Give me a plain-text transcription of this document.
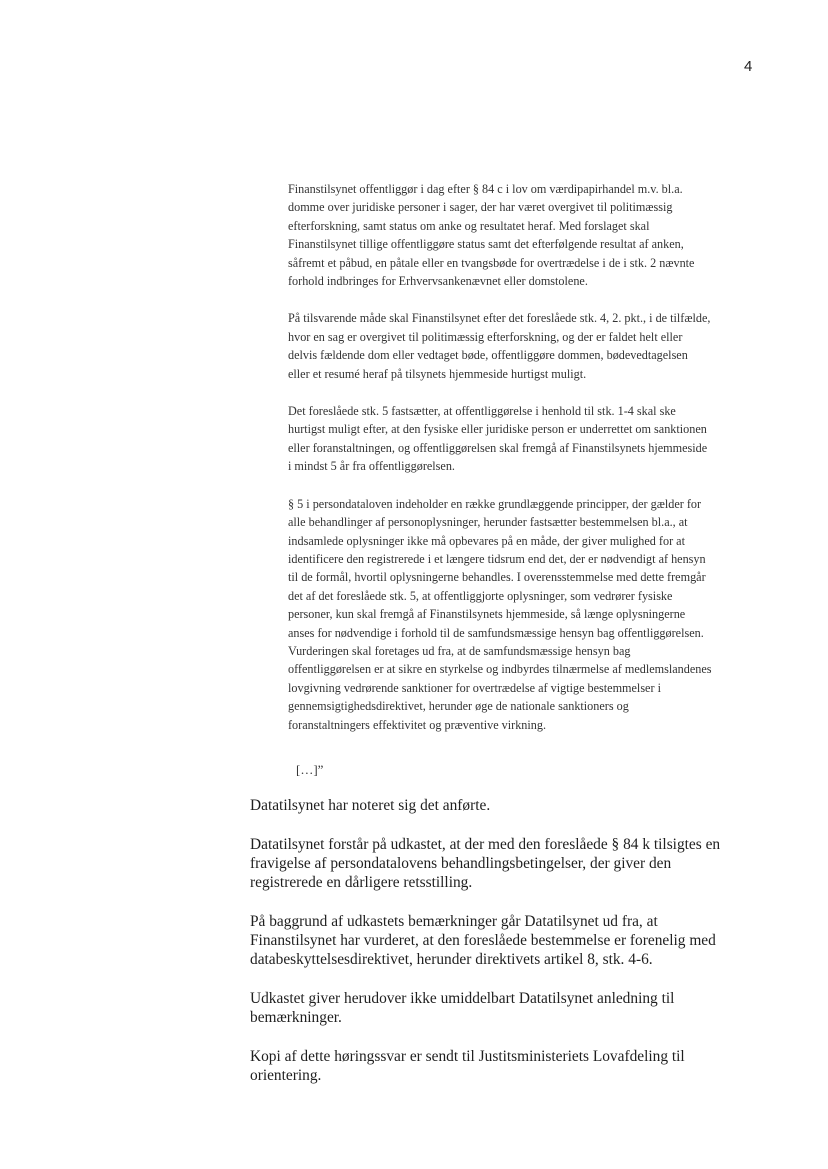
4

Finanstilsynet offentliggør i dag efter § 84 c i lov om værdipapirhandel m.v. bl.a.
domme over juridiske personer i sager, der har været overgivet til politimæssig
efterforskning, samt status om anke og resultatet heraf. Med forslaget skal
Finanstilsynet tillige offentliggøre status samt det efterfølgende resultat af anken,
såfremt et påbud, en påtale eller en tvangsbøde for overtrædelse i de i stk. 2 nævnte
forhold indbringes for Erhvervsankenævnet eller domstolene.

På tilsvarende måde skal Finanstilsynet efter det foreslåede stk. 4, 2. pkt., i de tilfælde,
hvor en sag er overgivet til politimæssig efterforskning, og der er faldet helt eller
delvis fældende dom eller vedtaget bøde, offentliggøre dommen, bødevedtagelsen
eller et resumé heraf på tilsynets hjemmeside hurtigst muligt.

Det foreslåede stk. 5 fastsætter, at offentliggørelse i henhold til stk. 1-4 skal ske
hurtigst muligt efter, at den fysiske eller juridiske person er underrettet om sanktionen
eller foranstaltningen, og offentliggørelsen skal fremgå af Finanstilsynets hjemmeside
i mindst 5 år fra offentliggørelsen.

§ 5 i persondataloven indeholder en række grundlæggende principper, der gælder for
alle behandlinger af personoplysninger, herunder fastsætter bestemmelsen bl.a., at
indsamlede oplysninger ikke må opbevares på en måde, der giver mulighed for at
identificere den registrerede i et længere tidsrum end det, der er nødvendigt af hensyn
til de formål, hvortil oplysningerne behandles. I overensstemmelse med dette fremgår
det af det foreslåede stk. 5, at offentliggjorte oplysninger, som vedrører fysiske
personer, kun skal fremgå af Finanstilsynets hjemmeside, så længe oplysningerne
anses for nødvendige i forhold til de samfundsmæssige hensyn bag offentliggørelsen.
Vurderingen skal foretages ud fra, at de samfundsmæssige hensyn bag
offentliggørelsen er at sikre en styrkelse og indbyrdes tilnærmelse af medlemslandenes
lovgivning vedrørende sanktioner for overtrædelse af vigtige bestemmelser i
gennemsigtighedsdirektivet, herunder øge de nationale sanktioners og
foranstaltningers effektivitet og præventive virkning.

[…]”

Datatilsynet har noteret sig det anførte.

Datatilsynet forstår på udkastet, at der med den foreslåede § 84 k tilsigtes en
fravigelse af persondatalovens behandlingsbetingelser, der giver den
registrerede en dårligere retsstilling.

På baggrund af udkastets bemærkninger går Datatilsynet ud fra, at
Finanstilsynet har vurderet, at den foreslåede bestemmelse er forenelig med
databeskyttelsesdirektivet, herunder direktivets artikel 8, stk. 4-6.

Udkastet giver herudover ikke umiddelbart Datatilsynet anledning til
bemærkninger.

Kopi af dette høringssvar er sendt til Justitsministeriets Lovafdeling til
orientering.
